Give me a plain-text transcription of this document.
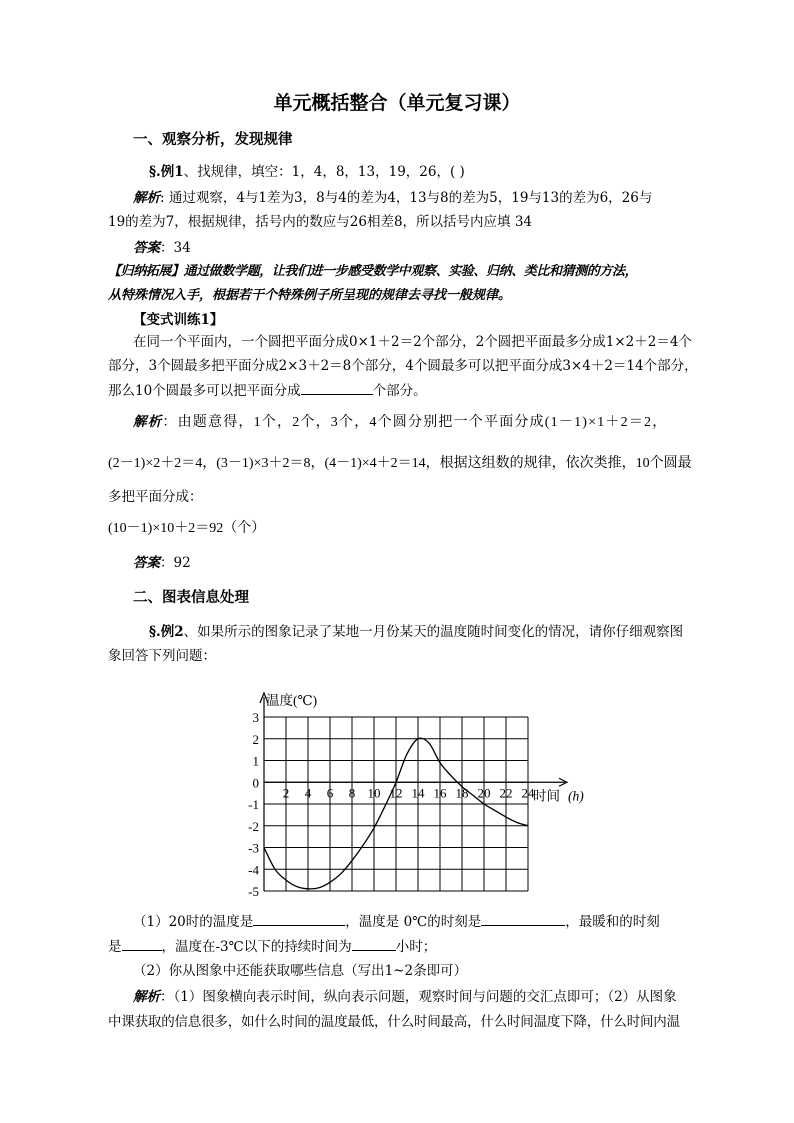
单元概括整合（单元复习课）
一、观察分析，发现规律
§.例1、找规律，填空：1，4，8，13，19，26，( )
解析: 通过观察，4与1差为3，8与4的差为4，13与8的差为5，19与13的差为6，26与
19的差为7，根据规律，括号内的数应与26相差8，所以括号内应填 34
答案：34
【归纳拓展】通过做数学题，让我们进一步感受数学中观察、实验、归纳、类比和猜测的方法，
从特殊情况入手，根据若干个特殊例子所呈现的规律去寻找一般规律。
【变式训练1】
在同一个平面内，一个圆把平面分成0×1＋2＝2个部分，2个圆把平面最多分成1×2＋2＝4个
部分，3个圆最多把平面分成2×3＋2＝8个部分，4个圆最多可以把平面分成3×4＋2＝14个部分，
那么10个圆最多可以把平面分成	个部分。
解析：由题意得，1个，2个，3个，4个圆分别把一个平面分成(1－1)×1＋2＝2，
(2－1)×2＋2＝4，(3－1)×3＋2＝8，(4－1)×4＋2＝14，根据这组数的规律，依次类推，10个圆最
多把平面分成：
(10－1)×10＋2＝92（个）
答案：92
二、图表信息处理
§.例2、如果所示的图象记录了某地一月份某天的温度随时间变化的情况，请你仔细观察图
象回答下列问题：
3
2
1
0
-1
-2
-3
-4
-5
2 4 6 8 10 12 14 16 18 20 22 24
温度(℃)
时间 (h)
（1）20时的温度是	，温度是 0℃的时刻是	，最暖和的时刻
是	，温度在-3℃以下的持续时间为	小时；
（2）你从图象中还能获取哪些信息（写出1~2条即可）
解析：（1）图象横向表示时间，纵向表示问题，观察时间与问题的交汇点即可；（2）从图象
中课获取的信息很多，如什么时间的温度最低，什么时间最高，什么时间温度下降，什么时间内温
